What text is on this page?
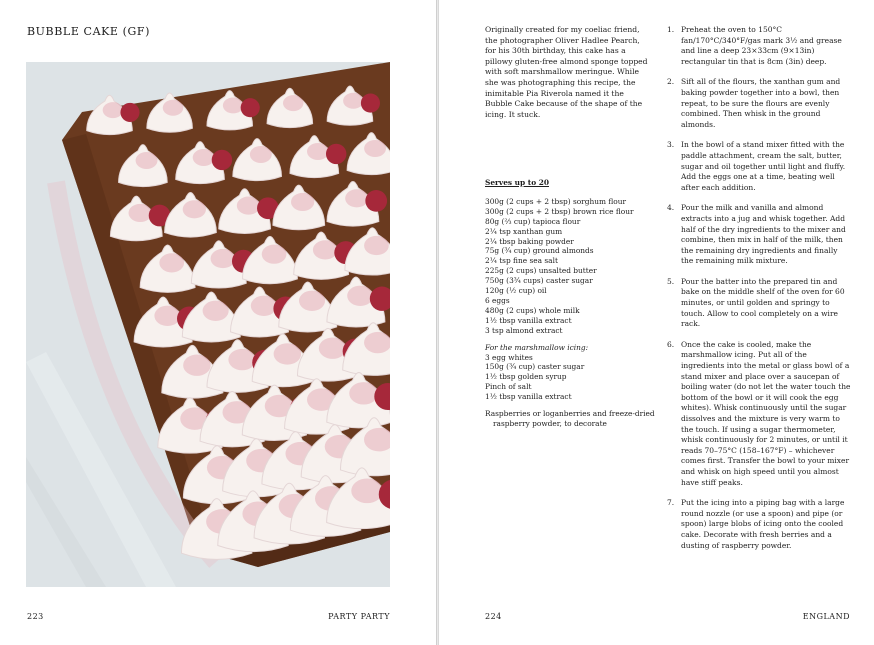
BUBBLE CAKE (GF)
223	PARTY PARTY
Originally created for my coeliac friend, the photographer Oliver Hadlee Pearch, for his 30th birthday, this cake has a pillowy gluten-free almond sponge topped with soft marshmallow meringue. While she was photographing this recipe, the inimitable Pia Riverola named it the Bubble Cake because of the shape of the icing. It stuck.
Serves up to 20
300g (2 cups + 2 tbsp) sorghum flour
300g (2 cups + 2 tbsp) brown rice flour
80g (⅔ cup) tapioca flour
2¼ tsp xanthan gum
2¼ tbsp baking powder
75g (¾ cup) ground almonds
2¼ tsp fine sea salt
225g (2 cups) unsalted butter
750g (3¾ cups) caster sugar
120g (½ cup) oil
6 eggs
480g (2 cups) whole milk
1½ tbsp vanilla extract
3 tsp almond extract
For the marshmallow icing:
3 egg whites
150g (¾ cup) caster sugar
1½ tbsp golden syrup
Pinch of salt
1½ tbsp vanilla extract
Raspberries or loganberries and freeze-dried raspberry powder, to decorate
1. Preheat the oven to 150°C fan/170°C/340°F/gas mark 3½ and grease and line a deep 23×33cm (9×13in) rectangular tin that is 8cm (3in) deep.
2. Sift all of the flours, the xanthan gum and baking powder together into a bowl, then repeat, to be sure the flours are evenly combined. Then whisk in the ground almonds.
3. In the bowl of a stand mixer fitted with the paddle attachment, cream the salt, butter, sugar and oil together until light and fluffy. Add the eggs one at a time, beating well after each addition.
4. Pour the milk and vanilla and almond extracts into a jug and whisk together. Add half of the dry ingredients to the mixer and combine, then mix in half of the milk, then the remaining dry ingredients and finally the remaining milk mixture.
5. Pour the batter into the prepared tin and bake on the middle shelf of the oven for 60 minutes, or until golden and springy to touch. Allow to cool completely on a wire rack.
6. Once the cake is cooled, make the marshmallow icing. Put all of the ingredients into the metal or glass bowl of a stand mixer and place over a saucepan of boiling water (do not let the water touch the bottom of the bowl or it will cook the egg whites). Whisk continuously until the sugar dissolves and the mixture is very warm to the touch. If using a sugar thermometer, whisk continuously for 2 minutes, or until it reads 70–75°C (158–167°F) – whichever comes first. Transfer the bowl to your mixer and whisk on high speed until you almost have stiff peaks.
7. Put the icing into a piping bag with a large round nozzle (or use a spoon) and pipe (or spoon) large blobs of icing onto the cooled cake. Decorate with fresh berries and a dusting of raspberry powder.
224	ENGLAND
